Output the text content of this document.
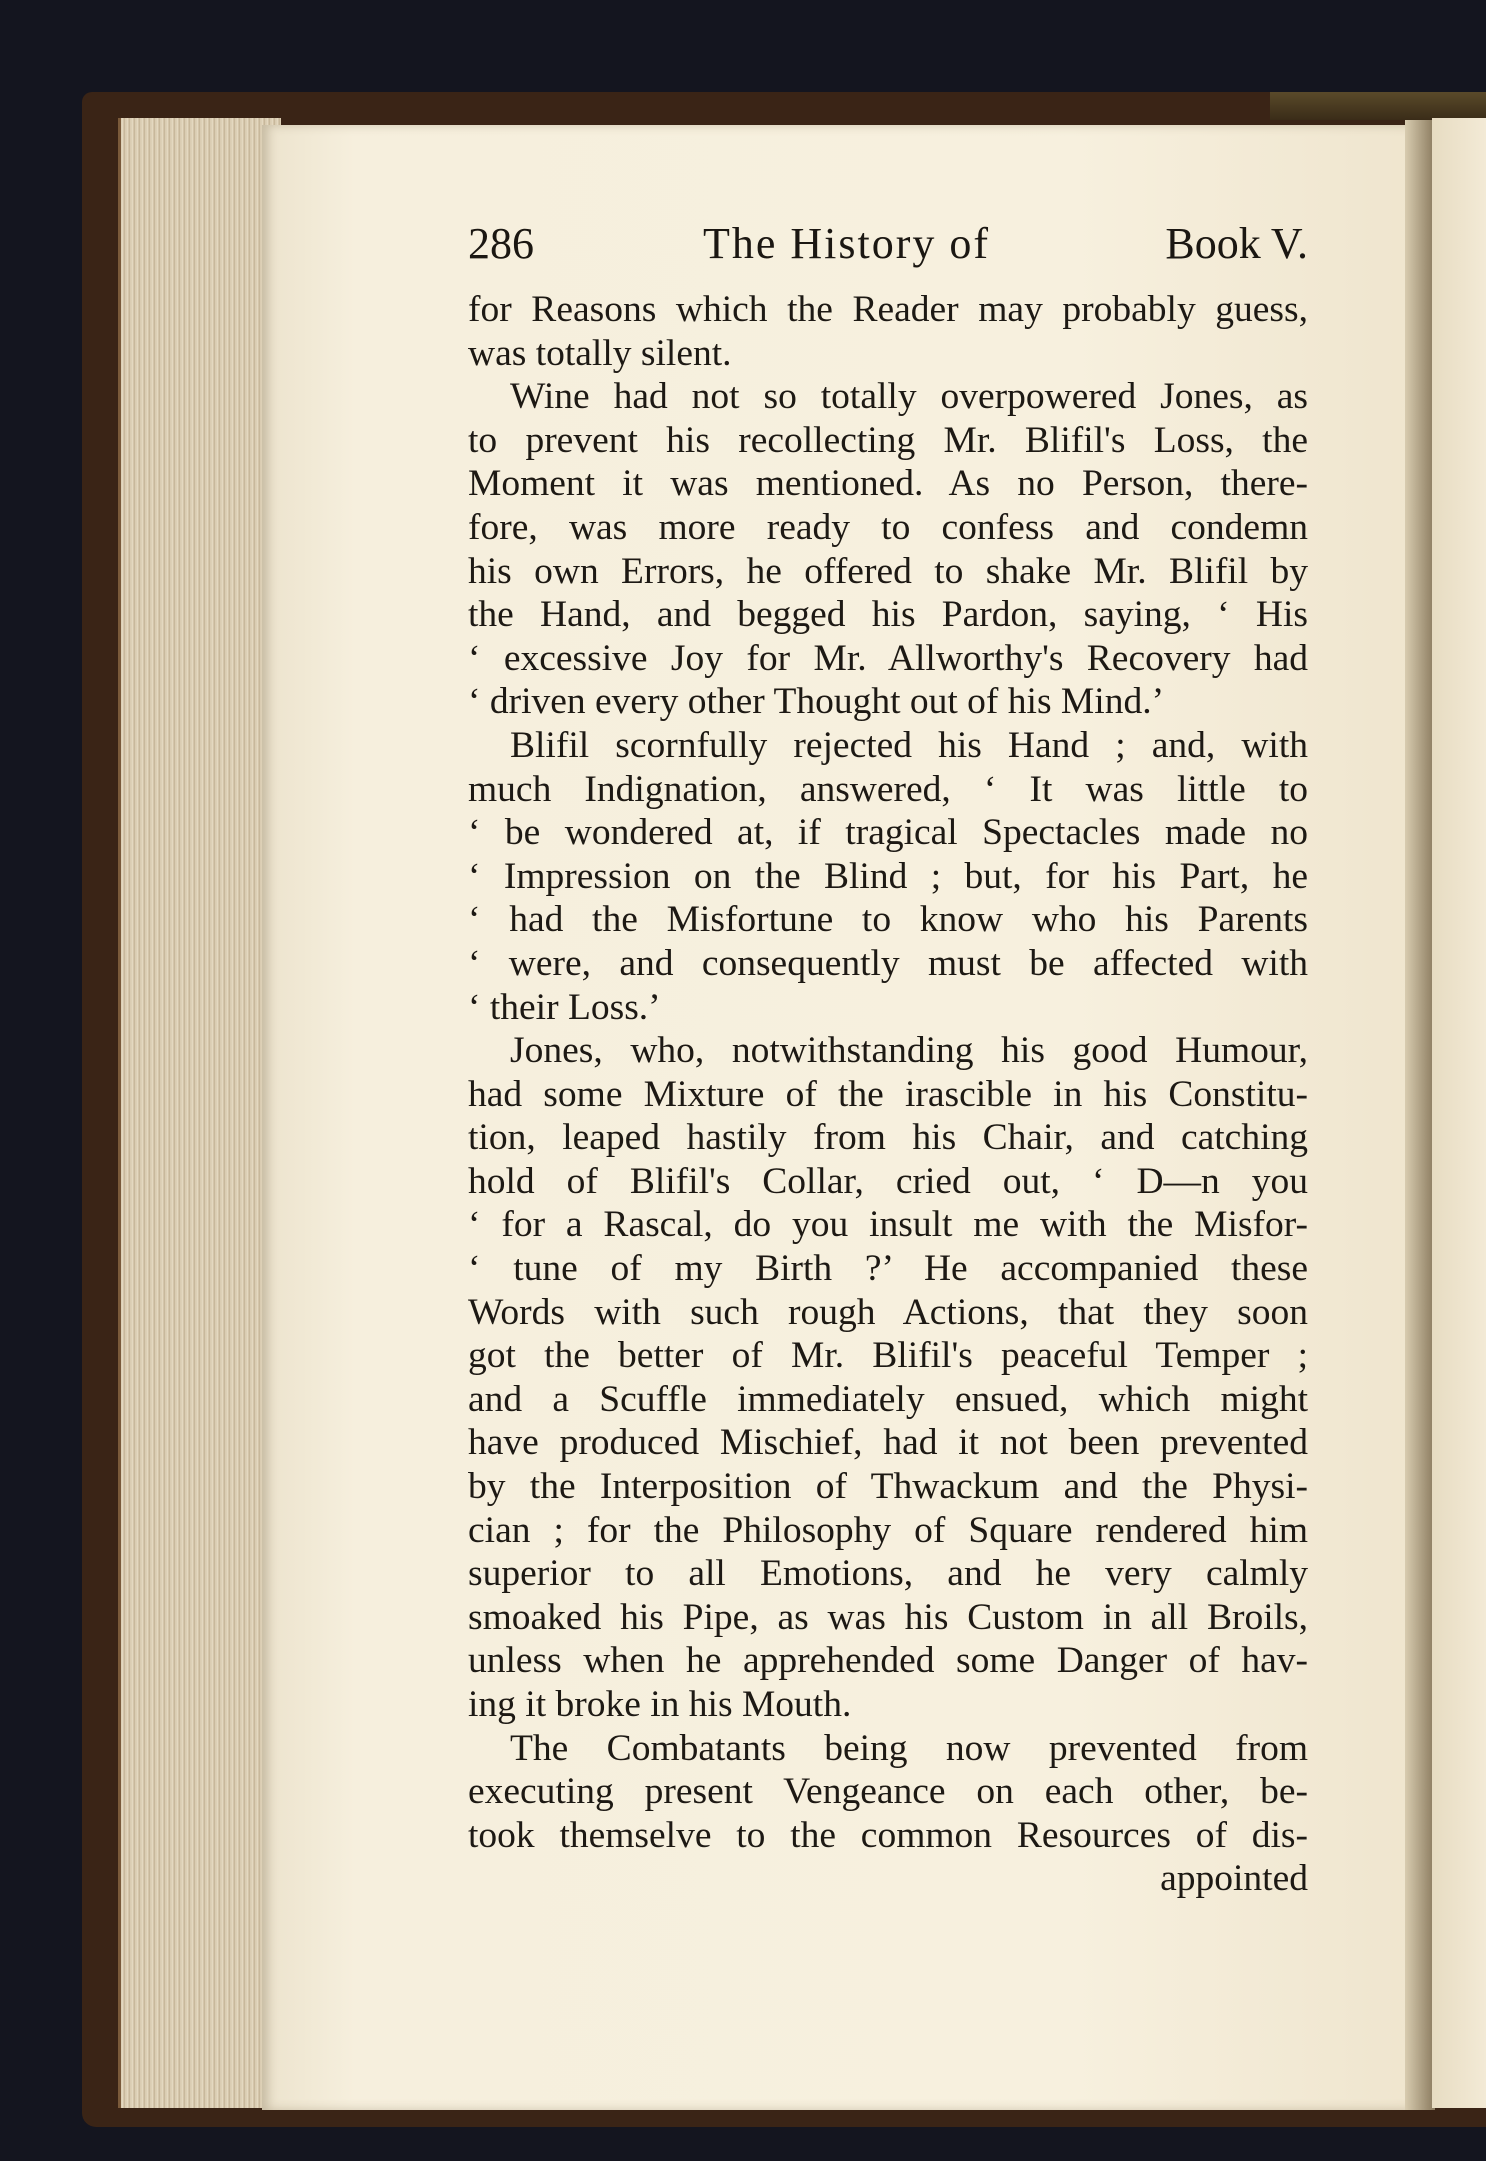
286	The History of	Book V.
for Reasons which the Reader may probably guess,
was totally silent.
Wine had not so totally overpowered Jones, as
to prevent his recollecting Mr. Blifil's Loss, the
Moment it was mentioned. As no Person, there-
fore, was more ready to confess and condemn
his own Errors, he offered to shake Mr. Blifil by
the Hand, and begged his Pardon, saying, ‘ His
‘ excessive Joy for Mr. Allworthy's Recovery had
‘ driven every other Thought out of his Mind.’
Blifil scornfully rejected his Hand ; and, with
much Indignation, answered, ‘ It was little to
‘ be wondered at, if tragical Spectacles made no
‘ Impression on the Blind ; but, for his Part, he
‘ had the Misfortune to know who his Parents
‘ were, and consequently must be affected with
‘ their Loss.’
Jones, who, notwithstanding his good Humour,
had some Mixture of the irascible in his Constitu-
tion, leaped hastily from his Chair, and catching
hold of Blifil's Collar, cried out, ‘ D—n you
‘ for a Rascal, do you insult me with the Misfor-
‘ tune of my Birth ?’ He accompanied these
Words with such rough Actions, that they soon
got the better of Mr. Blifil's peaceful Temper ;
and a Scuffle immediately ensued, which might
have produced Mischief, had it not been prevented
by the Interposition of Thwackum and the Physi-
cian ; for the Philosophy of Square rendered him
superior to all Emotions, and he very calmly
smoaked his Pipe, as was his Custom in all Broils,
unless when he apprehended some Danger of hav-
ing it broke in his Mouth.
The Combatants being now prevented from
executing present Vengeance on each other, be-
took themselve to the common Resources of dis-
appointed
